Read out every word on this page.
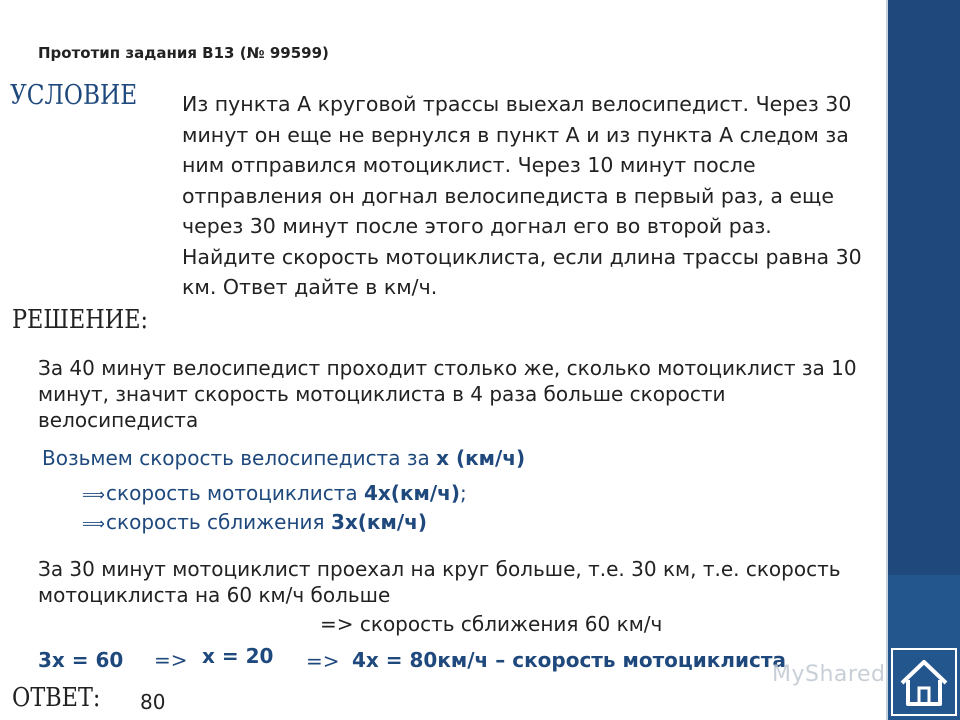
Прототип задания B13 (№ 99599)
УСЛОВИЕ Из пункта А круговой трассы выехал велосипедист. Через 30 минут он еще не вернулся в пункт А и из пункта А следом за ним отправился мотоциклист. Через 10 минут после отправления он догнал велосипедиста в первый раз, а еще через 30 минут после этого догнал его во второй раз. Найдите скорость мотоциклиста, если длина трассы равна 30 км. Ответ дайте в км/ч.
РЕШЕНИЕ:
За 40 минут велосипедист проходит столько же, сколько мотоциклист за 10 минут, значит скорость мотоциклиста в 4 раза больше скорости велосипедиста
Возьмем скорость велосипедиста за x (км/ч)
⟹скорость мотоциклиста 4x(км/ч);
⟹скорость сближения 3x(км/ч)
За 30 минут мотоциклист проехал на круг больше, т.е. 30 км, т.е. скорость мотоциклиста на 60 км/ч больше
=> скорость сближения 60 км/ч
3x = 60 => x = 20 => 4x = 80км/ч – скорость мотоциклиста
ОТВЕТ: 80
MyShared
